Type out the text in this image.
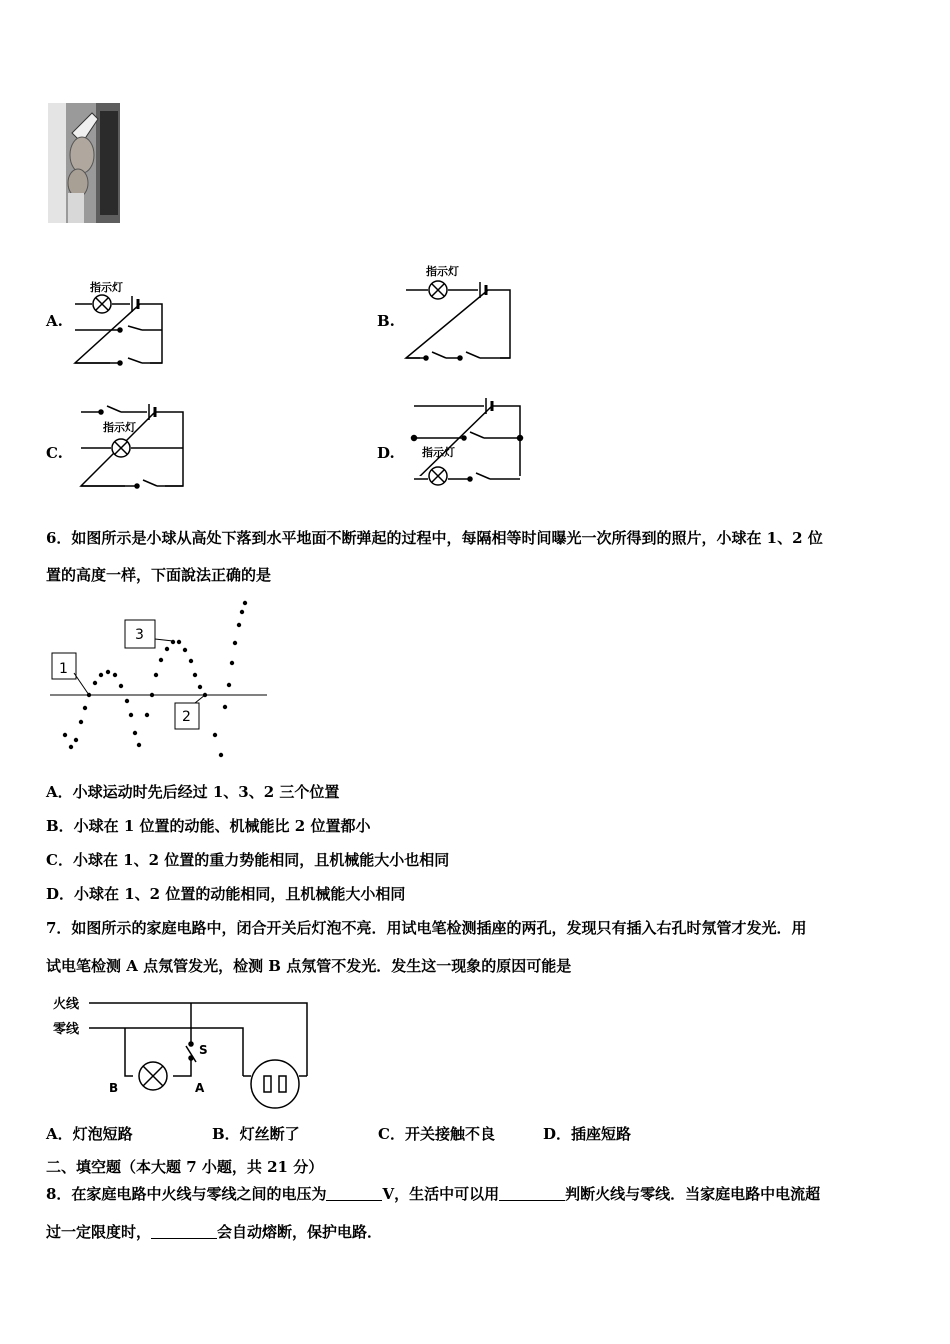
A.	B.
C.	D.
指示灯
指示灯
指示灯
指示灯
6．如图所示是小球从高处下落到水平地面不断弹起的过程中，每隔相等时间曝光一次所得到的照片，小球在 1、2 位
置的高度一样，下面說法正确的是
1
3
2
A．小球运动时先后经过 1、3、2 三个位置
B．小球在 1 位置的动能、机械能比 2 位置都小
C．小球在 1、2 位置的重力势能相同，且机械能大小也相同
D．小球在 1、2 位置的动能相同，且机械能大小相同
7．如图所示的家庭电路中，闭合开关后灯泡不亮．用试电笔检测插座的两孔，发现只有插入右孔时氖管才发光．用
试电笔检测 A 点氖管发光，检测 B 点氖管不发光．发生这一现象的原因可能是
火线
零线
S
B	A
A．灯泡短路	B．灯丝断了	C．开关接触不良	D．插座短路
二、填空题（本大题 7 小题，共 21 分）
8．在家庭电路中火线与零线之间的电压为	V，生活中可以用	判断火线与零线．当家庭电路中电流超
过一定限度时，	会自动熔断，保护电路．
